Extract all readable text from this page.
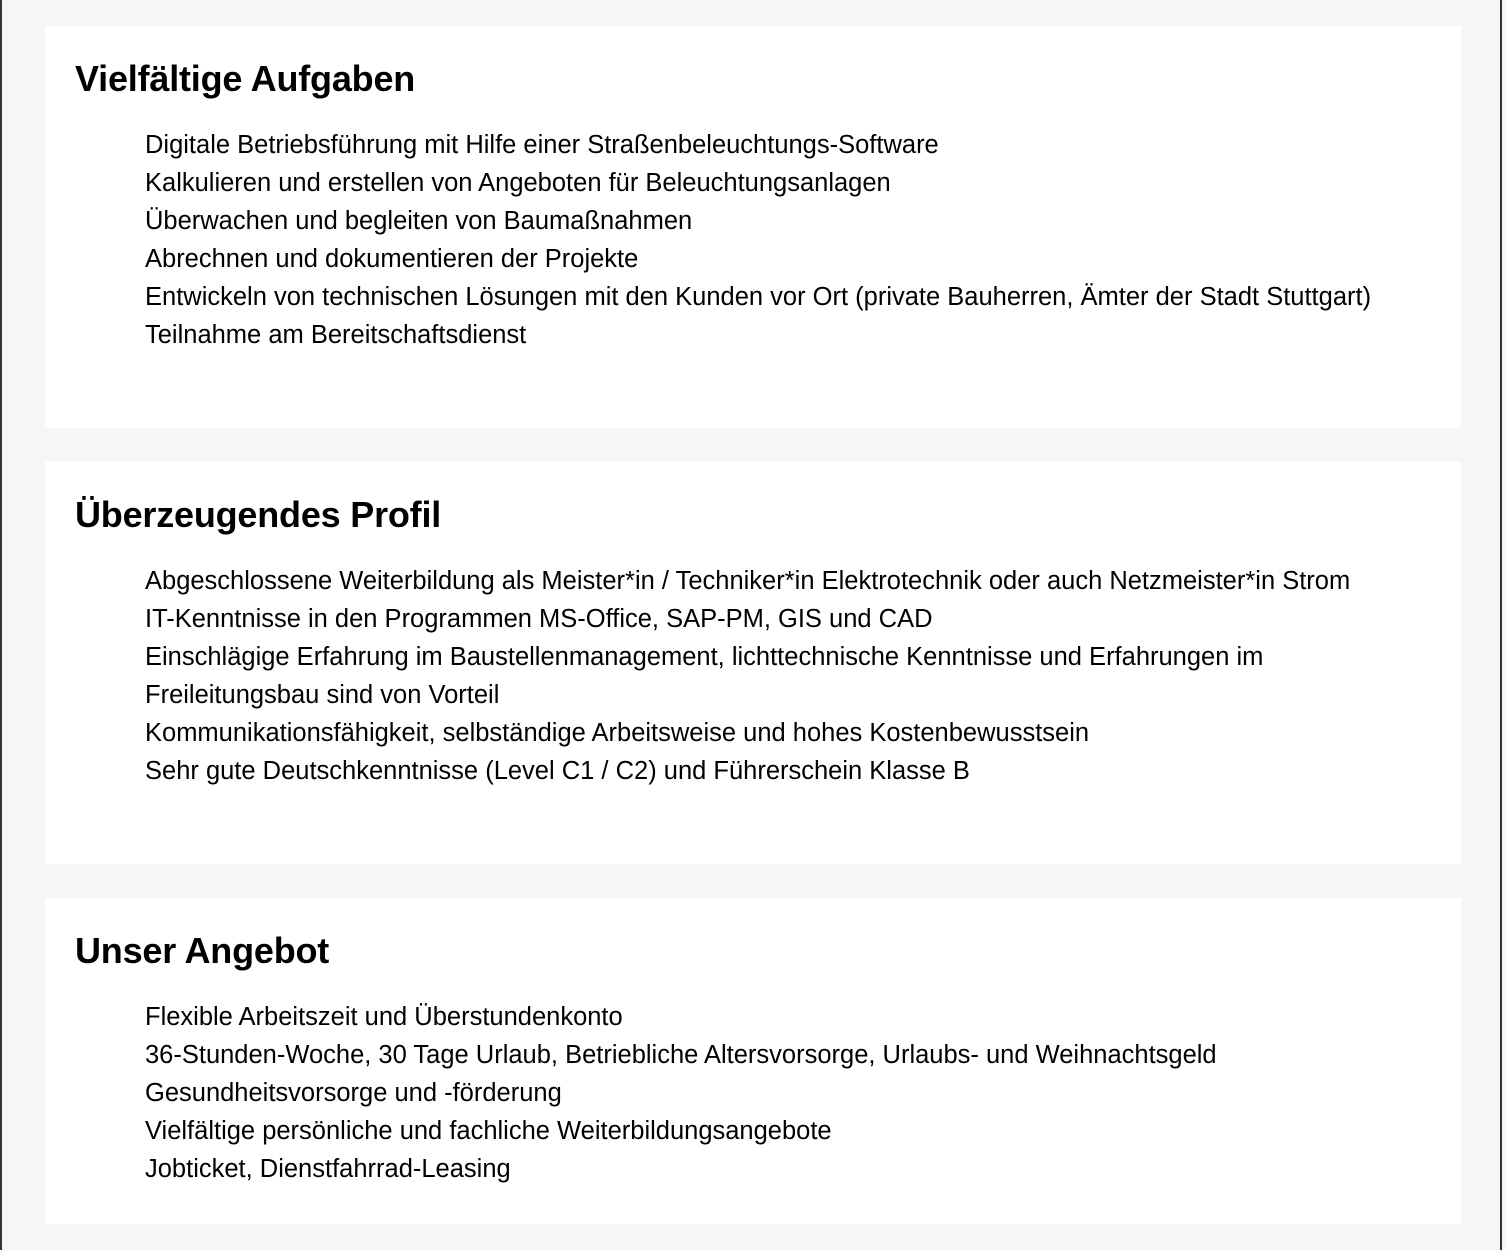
Vielfältige Aufgaben
Digitale Betriebsführung mit Hilfe einer Straßenbeleuchtungs-Software
Kalkulieren und erstellen von Angeboten für Beleuchtungsanlagen
Überwachen und begleiten von Baumaßnahmen
Abrechnen und dokumentieren der Projekte
Entwickeln von technischen Lösungen mit den Kunden vor Ort (private Bauherren, Ämter der Stadt Stuttgart)
Teilnahme am Bereitschaftsdienst
Überzeugendes Profil
Abgeschlossene Weiterbildung als Meister*in / Techniker*in Elektrotechnik oder auch Netzmeister*in Strom
IT-Kenntnisse in den Programmen MS-Office, SAP-PM, GIS und CAD
Einschlägige Erfahrung im Baustellenmanagement, lichttechnische Kenntnisse und Erfahrungen im Freileitungsbau sind von Vorteil
Kommunikationsfähigkeit, selbständige Arbeitsweise und hohes Kostenbewusstsein
Sehr gute Deutschkenntnisse (Level C1 / C2) und Führerschein Klasse B
Unser Angebot
Flexible Arbeitszeit und Überstundenkonto
36-Stunden-Woche, 30 Tage Urlaub, Betriebliche Altersvorsorge, Urlaubs- und Weihnachtsgeld
Gesundheitsvorsorge und -förderung
Vielfältige persönliche und fachliche Weiterbildungsangebote
Jobticket, Dienstfahrrad-Leasing
